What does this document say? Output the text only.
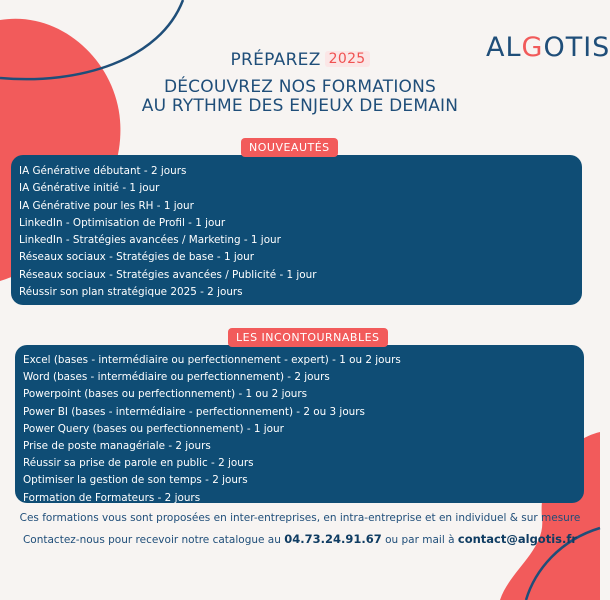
ALGOTIS
PRÉPAREZ 2025
DÉCOUVREZ NOS FORMATIONS
AU RYTHME DES ENJEUX DE DEMAIN
IA Générative débutant - 2 jours
IA Générative initié - 1 jour
IA Générative pour les RH - 1 jour
LinkedIn - Optimisation de Profil - 1 jour
LinkedIn - Stratégies avancées / Marketing - 1 jour
Réseaux sociaux - Stratégies de base - 1 jour
Réseaux sociaux - Stratégies avancées / Publicité - 1 jour
Réussir son plan stratégique 2025 - 2 jours
NOUVEAUTÉS
Excel (bases - intermédiaire ou perfectionnement - expert) - 1 ou 2 jours
Word (bases - intermédiaire ou perfectionnement) - 2 jours
Powerpoint (bases ou perfectionnement) - 1 ou 2 jours
Power BI (bases - intermédiaire - perfectionnement) - 2 ou 3 jours
Power Query (bases ou perfectionnement) - 1 jour
Prise de poste managériale - 2 jours
Réussir sa prise de parole en public - 2 jours
Optimiser la gestion de son temps - 2 jours
Formation de Formateurs - 2 jours
LES INCONTOURNABLES
Ces formations vous sont proposées en inter-entreprises, en intra-entreprise et en individuel & sur mesure
Contactez-nous pour recevoir notre catalogue au 04.73.24.91.67 ou par mail à contact@algotis.fr
